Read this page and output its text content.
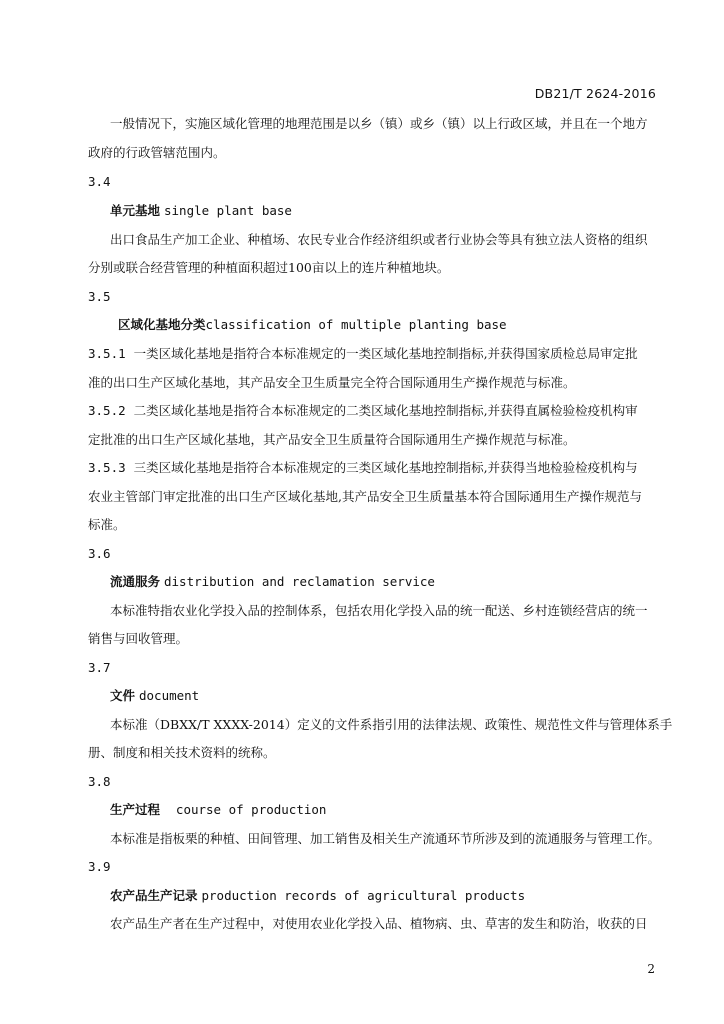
DB21/T 2624-2016
一般情况下，实施区域化管理的地理范围是以乡（镇）或乡（镇）以上行政区域，并且在一个地方
政府的行政管辖范围内。
3.4
单元基地 single plant base
出口食品生产加工企业、种植场、农民专业合作经济组织或者行业协会等具有独立法人资格的组织
分别或联合经营管理的种植面积超过100亩以上的连片种植地块。
3.5
区域化基地分类classification of multiple planting base
3.5.1 一类区域化基地是指符合本标准规定的一类区域化基地控制指标,并获得国家质检总局审定批
准的出口生产区域化基地，其产品安全卫生质量完全符合国际通用生产操作规范与标准。
3.5.2 二类区域化基地是指符合本标准规定的二类区域化基地控制指标,并获得直属检验检疫机构审
定批准的出口生产区域化基地，其产品安全卫生质量符合国际通用生产操作规范与标准。
3.5.3 三类区域化基地是指符合本标准规定的三类区域化基地控制指标,并获得当地检验检疫机构与
农业主管部门审定批准的出口生产区域化基地,其产品安全卫生质量基本符合国际通用生产操作规范与
标准。
3.6
流通服务 distribution and reclamation service
本标准特指农业化学投入品的控制体系，包括农用化学投入品的统一配送、乡村连锁经营店的统一
销售与回收管理。
3.7
文件 document
本标准（DBXX/T XXXX-2014）定义的文件系指引用的法律法规、政策性、规范性文件与管理体系手
册、制度和相关技术资料的统称。
3.8
生产过程 course of production
本标准是指板栗的种植、田间管理、加工销售及相关生产流通环节所涉及到的流通服务与管理工作。
3.9
农产品生产记录 production records of agricultural products
农产品生产者在生产过程中，对使用农业化学投入品、植物病、虫、草害的发生和防治，收获的日
2
